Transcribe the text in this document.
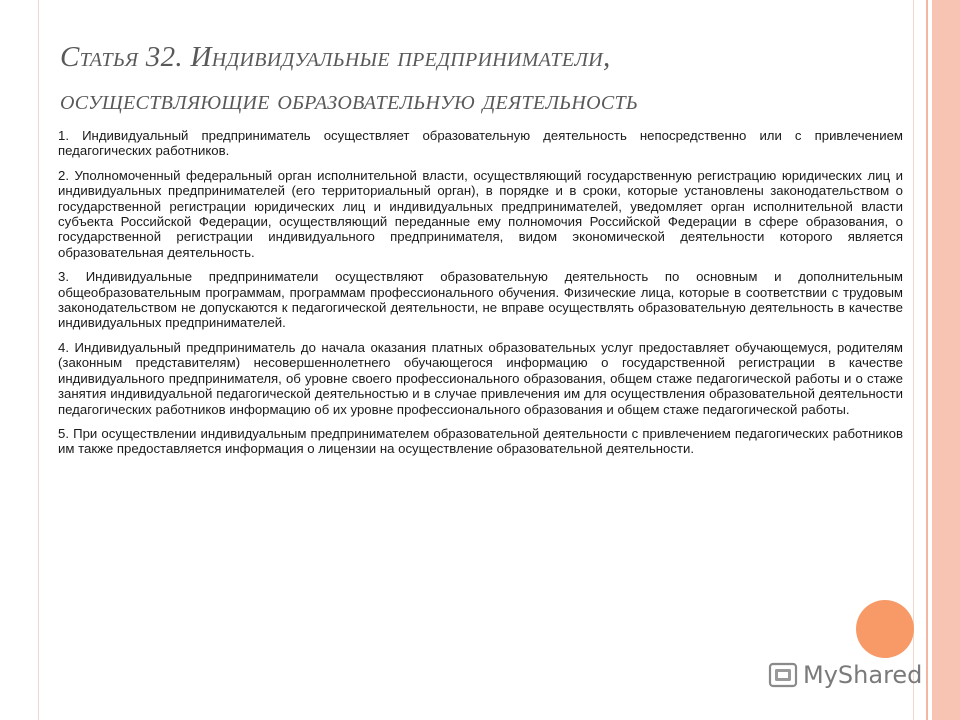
Статья 32. Индивидуальные предприниматели,
осуществляющие образовательную деятельность

1. Индивидуальный предприниматель осуществляет образовательную деятельность непосредственно или с привлечением педагогических работников.

2. Уполномоченный федеральный орган исполнительной власти, осуществляющий государственную регистрацию юридических лиц и индивидуальных предпринимателей (его территориальный орган), в порядке и в сроки, которые установлены законодательством о государственной регистрации юридических лиц и индивидуальных предпринимателей, уведомляет орган исполнительной власти субъекта Российской Федерации, осуществляющий переданные ему полномочия Российской Федерации в сфере образования, о государственной регистрации индивидуального предпринимателя, видом экономической деятельности которого является образовательная деятельность.

3. Индивидуальные предприниматели осуществляют образовательную деятельность по основным и дополнительным общеобразовательным программам, программам профессионального обучения. Физические лица, которые в соответствии с трудовым законодательством не допускаются к педагогической деятельности, не вправе осуществлять образовательную деятельность в качестве индивидуальных предпринимателей.

4. Индивидуальный предприниматель до начала оказания платных образовательных услуг предоставляет обучающемуся, родителям (законным представителям) несовершеннолетнего обучающегося информацию о государственной регистрации в качестве индивидуального предпринимателя, об уровне своего профессионального образования, общем стаже педагогической работы и о стаже занятия индивидуальной педагогической деятельностью и в случае привлечения им для осуществления образовательной деятельности педагогических работников информацию об их уровне профессионального образования и общем стаже педагогической работы.

5. При осуществлении индивидуальным предпринимателем образовательной деятельности с привлечением педагогических работников им также предоставляется информация о лицензии на осуществление образовательной деятельности.

MyShared
